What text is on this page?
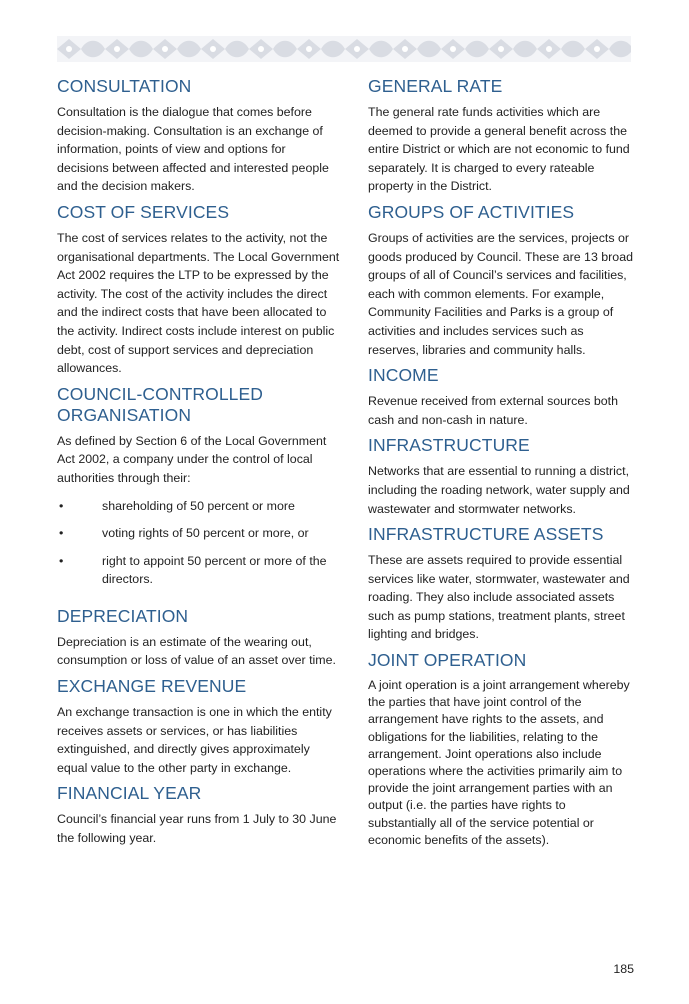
CONSULTATION

Consultation is the dialogue that comes before decision-making. Consultation is an exchange of information, points of view and options for decisions between affected and interested people and the decision makers.

COST OF SERVICES

The cost of services relates to the activity, not the organisational departments. The Local Government Act 2002 requires the LTP to be expressed by the activity. The cost of the activity includes the direct and the indirect costs that have been allocated to the activity. Indirect costs include interest on public debt, cost of support services and depreciation allowances.

COUNCIL-CONTROLLED ORGANISATION

As defined by Section 6 of the Local Government Act 2002, a company under the control of local authorities through their:

•	shareholding of 50 percent or more
•	voting rights of 50 percent or more, or
•	right to appoint 50 percent or more of the directors.
DEPRECIATION

Depreciation is an estimate of the wearing out, consumption or loss of value of an asset over time.

EXCHANGE REVENUE

An exchange transaction is one in which the entity receives assets or services, or has liabilities extinguished, and directly gives approximately equal value to the other party in exchange.

FINANCIAL YEAR

Council’s financial year runs from 1 July to 30 June the following year.

GENERAL RATE

The general rate funds activities which are deemed to provide a general benefit across the entire District or which are not economic to fund separately. It is charged to every rateable property in the District.

GROUPS OF ACTIVITIES

Groups of activities are the services, projects or goods produced by Council. These are 13 broad groups of all of Council’s services and facilities, each with common elements. For example, Community Facilities and Parks is a group of activities and includes services such as reserves, libraries and community halls.

INCOME

Revenue received from external sources both cash and non-cash in nature.

INFRASTRUCTURE

Networks that are essential to running a district, including the roading network, water supply and wastewater and stormwater networks.

INFRASTRUCTURE ASSETS

These are assets required to provide essential services like water, stormwater, wastewater and roading. They also include associated assets such as pump stations, treatment plants, street lighting and bridges.

JOINT OPERATION

A joint operation is a joint arrangement whereby the parties that have joint control of the arrangement have rights to the assets, and obligations for the liabilities, relating to the arrangement. Joint operations also include operations where the activities primarily aim to provide the joint arrangement parties with an output (i.e. the parties have rights to substantially all of the service potential or economic benefits of the assets).

185
